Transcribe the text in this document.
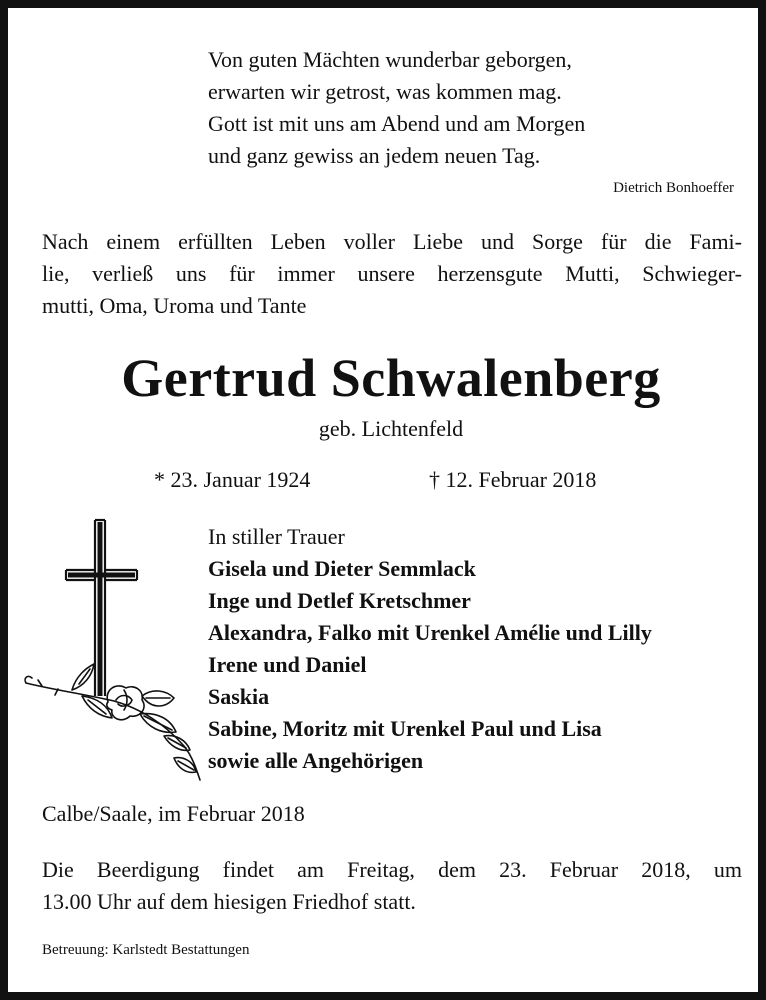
Von guten Mächten wunderbar geborgen,
erwarten wir getrost, was kommen mag.
Gott ist mit uns am Abend und am Morgen
und ganz gewiss an jedem neuen Tag.
Dietrich Bonhoeffer
Nach einem erfüllten Leben voller Liebe und Sorge für die Fami-
lie, verließ uns für immer unsere herzensgute Mutti, Schwieger-
mutti, Oma, Uroma und Tante
Gertrud Schwalenberg
geb. Lichtenfeld
* 23. Januar 1924	† 12. Februar 2018
In stiller Trauer
Gisela und Dieter Semmlack
Inge und Detlef Kretschmer
Alexandra, Falko mit Urenkel Amélie und Lilly
Irene und Daniel
Saskia
Sabine, Moritz mit Urenkel Paul und Lisa
sowie alle Angehörigen
Calbe/Saale, im Februar 2018
Die Beerdigung findet am Freitag, dem 23. Februar 2018, um
13.00 Uhr auf dem hiesigen Friedhof statt.
Betreuung: Karlstedt Bestattungen
